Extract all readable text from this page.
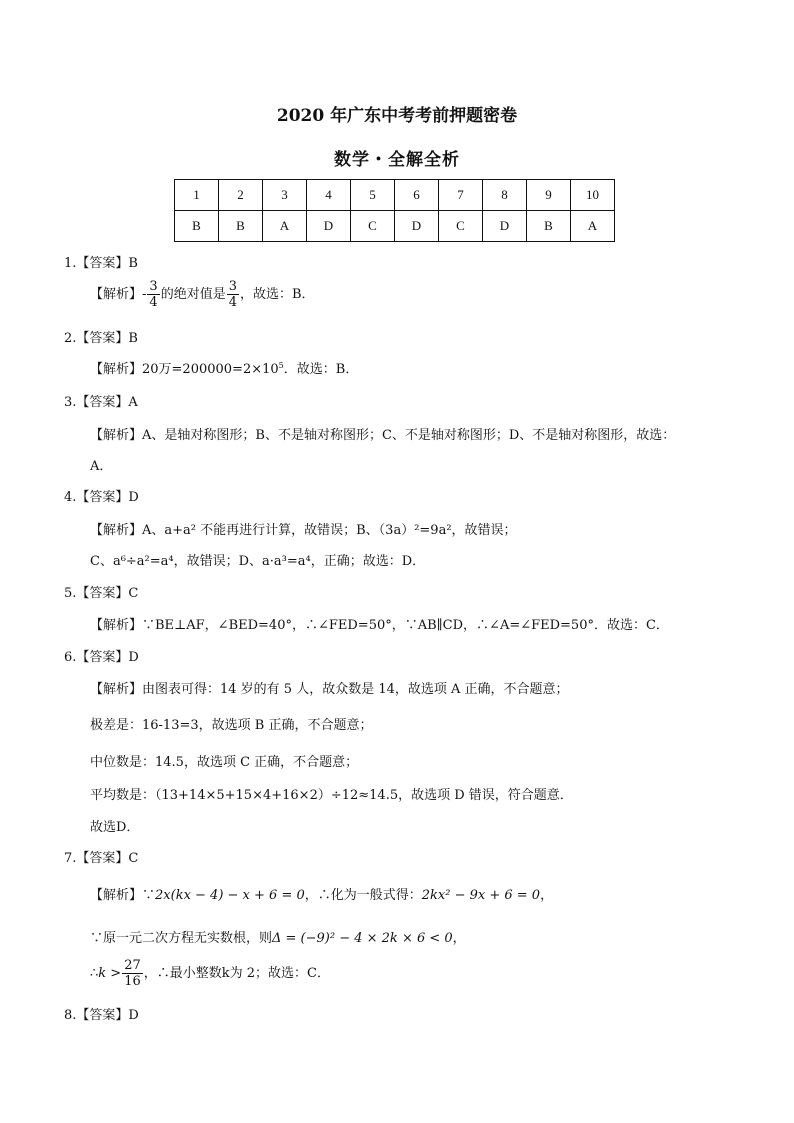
2020 年广东中考考前押题密卷
数学・全解全析
1	2	3	4	5	6	7	8	9	10
B	B	A	D	C	D	C	D	B	A
1.【答案】B
【解析】- $\frac{3}{4}$ 的绝对值是 $\frac{3}{4}$ ，故选：B．
2.【答案】B
【解析】20万$=200000=2\times 10^5$．故选：B．
3.【答案】A
【解析】A、是轴对称图形；B、不是轴对称图形；C、不是轴对称图形；D、不是轴对称图形，故选：
A．
4.【答案】D
【解析】A、a+a² 不能再进行计算，故错误；B、（3a）²=9a²，故错误；
C、a⁶÷a²=a⁴，故错误；D、a·a³=a⁴，正确；故选：D．
5.【答案】C
【解析】∵BE⊥AF，∠BED=40°，∴∠FED=50°，∵AB∥CD，∴∠A=∠FED=50°．故选：C．
6.【答案】D
【解析】由图表可得：14 岁的有 5 人，故众数是 14，故选项 A 正确，不合题意；
极差是：16-13=3，故选项 B 正确，不合题意；
中位数是：14.5，故选项 C 正确，不合题意；
平均数是：（13+14×5+15×4+16×2）÷12≈14.5，故选项 D 错误，符合题意．
故选D．
7.【答案】C
【解析】∵2x(kx − 4) − x + 6 = 0，∴化为一般式得：2kx² − 9x + 6 = 0，
∵原一元二次方程无实数根，则Δ = (−9)² − 4 × 2k × 6 < 0，
∴k > $\frac{27}{16}$ ，∴最小整数k为 2；故选：C．
8.【答案】D
